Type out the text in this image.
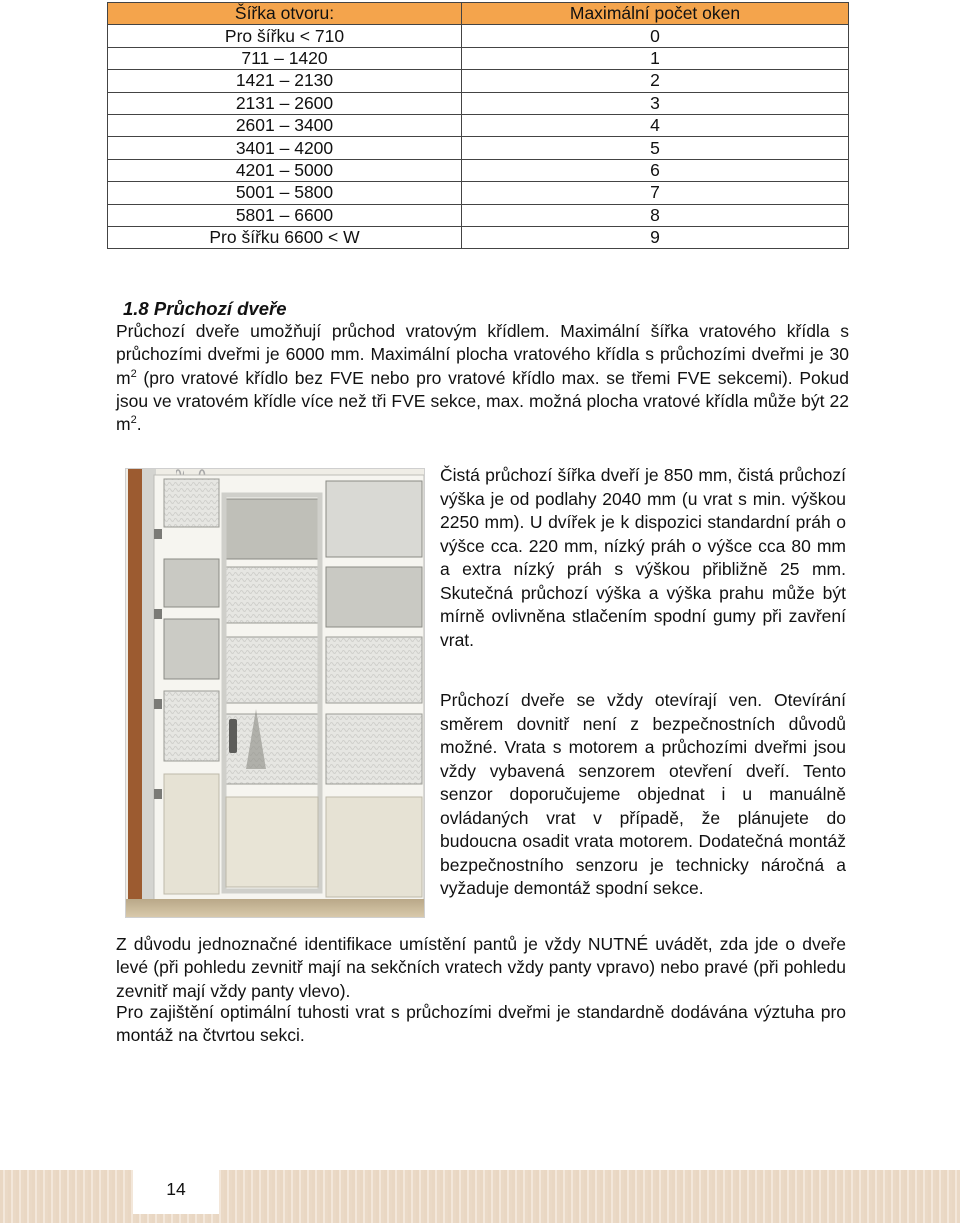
Šířka otvoru:	Maximální počet oken
Pro šířku < 710	0
711 – 1420	1
1421 – 2130	2
2131 – 2600	3
2601 – 3400	4
3401 – 4200	5
4201 – 5000	6
5001 – 5800	7
5801 – 6600	8
Pro šířku 6600 < W	9
1.8 Průchozí dveře

Průchozí dveře umožňují průchod vratovým křídlem. Maximální šířka vratového křídla s průchozími dveřmi je 6000 mm. Maximální plocha vratového křídla s průchozími dveřmi je 30 $m^2$ (pro vratové křídlo bez FVE nebo pro vratové křídlo max. se třemi FVE sekcemi). Pokud jsou ve vratovém křídle více než tři FVE sekce, max. možná plocha vratové křídla může být 22 $m^2$.

Čistá průchozí šířka dveří je 850 mm, čistá průchozí výška je od podlahy 2040 mm (u vrat s min. výškou 2250 mm). U dvířek je k dispozici standardní práh o výšce cca. 220 mm, nízký práh o výšce cca 80 mm a extra nízký práh s výškou přibližně 25 mm. Skutečná průchozí výška a výška prahu může být mírně ovlivněna stlačením spodní gumy při zavření vrat.

Průchozí dveře se vždy otevírají ven. Otevírání směrem dovnitř není z bezpečnostních důvodů možné. Vrata s motorem a průchozími dveřmi jsou vždy vybavená senzorem otevření dveří. Tento senzor doporučujeme objednat i u manuálně ovládaných vrat v případě, že plánujete do budoucna osadit vrata motorem. Dodatečná montáž bezpečnostního senzoru je technicky náročná a vyžaduje demontáž spodní sekce.

Z důvodu jednoznačné identifikace umístění pantů je vždy NUTNÉ uvádět, zda jde o dveře levé (při pohledu zevnitř mají na sekčních vratech vždy panty vpravo) nebo pravé (při pohledu zevnitř mají vždy panty vlevo).

Pro zajištění optimální tuhosti vrat s průchozími dveřmi je standardně dodávána výztuha pro montáž na čtvrtou sekci.

14
